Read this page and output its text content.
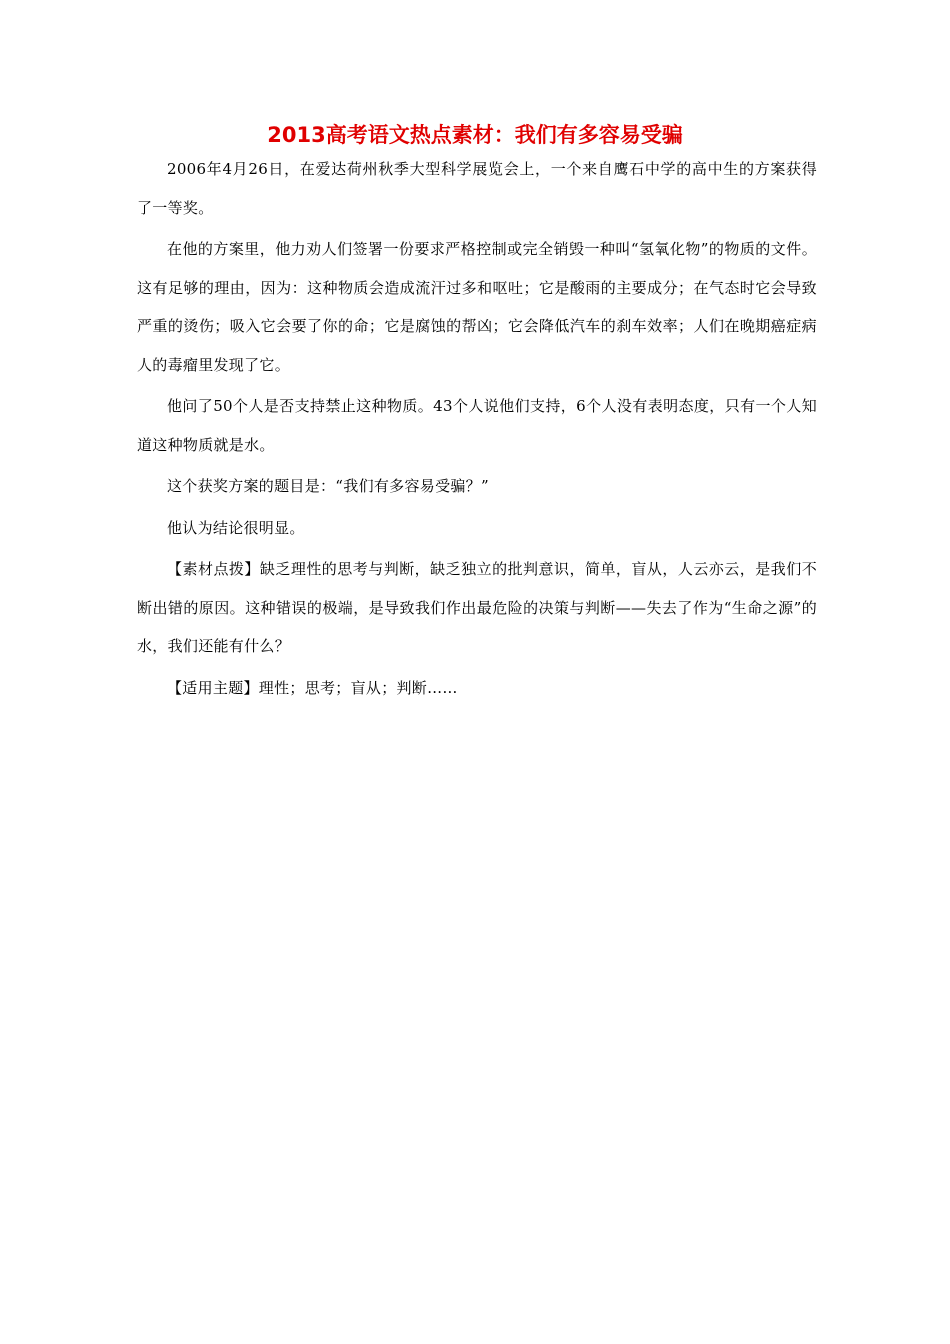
2013高考语文热点素材：我们有多容易受骗

2006年4月26日，在爱达荷州秋季大型科学展览会上，一个来自鹰石中学的高中生的方案获得了一等奖。

在他的方案里，他力劝人们签署一份要求严格控制或完全销毁一种叫“氢氧化物”的物质的文件。这有足够的理由，因为：这种物质会造成流汗过多和呕吐；它是酸雨的主要成分；在气态时它会导致严重的烫伤；吸入它会要了你的命；它是腐蚀的帮凶；它会降低汽车的刹车效率；人们在晚期癌症病人的毒瘤里发现了它。

他问了50个人是否支持禁止这种物质。43个人说他们支持，6个人没有表明态度，只有一个人知道这种物质就是水。

这个获奖方案的题目是：“我们有多容易受骗？”

他认为结论很明显。

【素材点拨】缺乏理性的思考与判断，缺乏独立的批判意识，简单，盲从，人云亦云，是我们不断出错的原因。这种错误的极端，是导致我们作出最危险的决策与判断——失去了作为“生命之源”的水，我们还能有什么？

【适用主题】理性；思考；盲从；判断……
